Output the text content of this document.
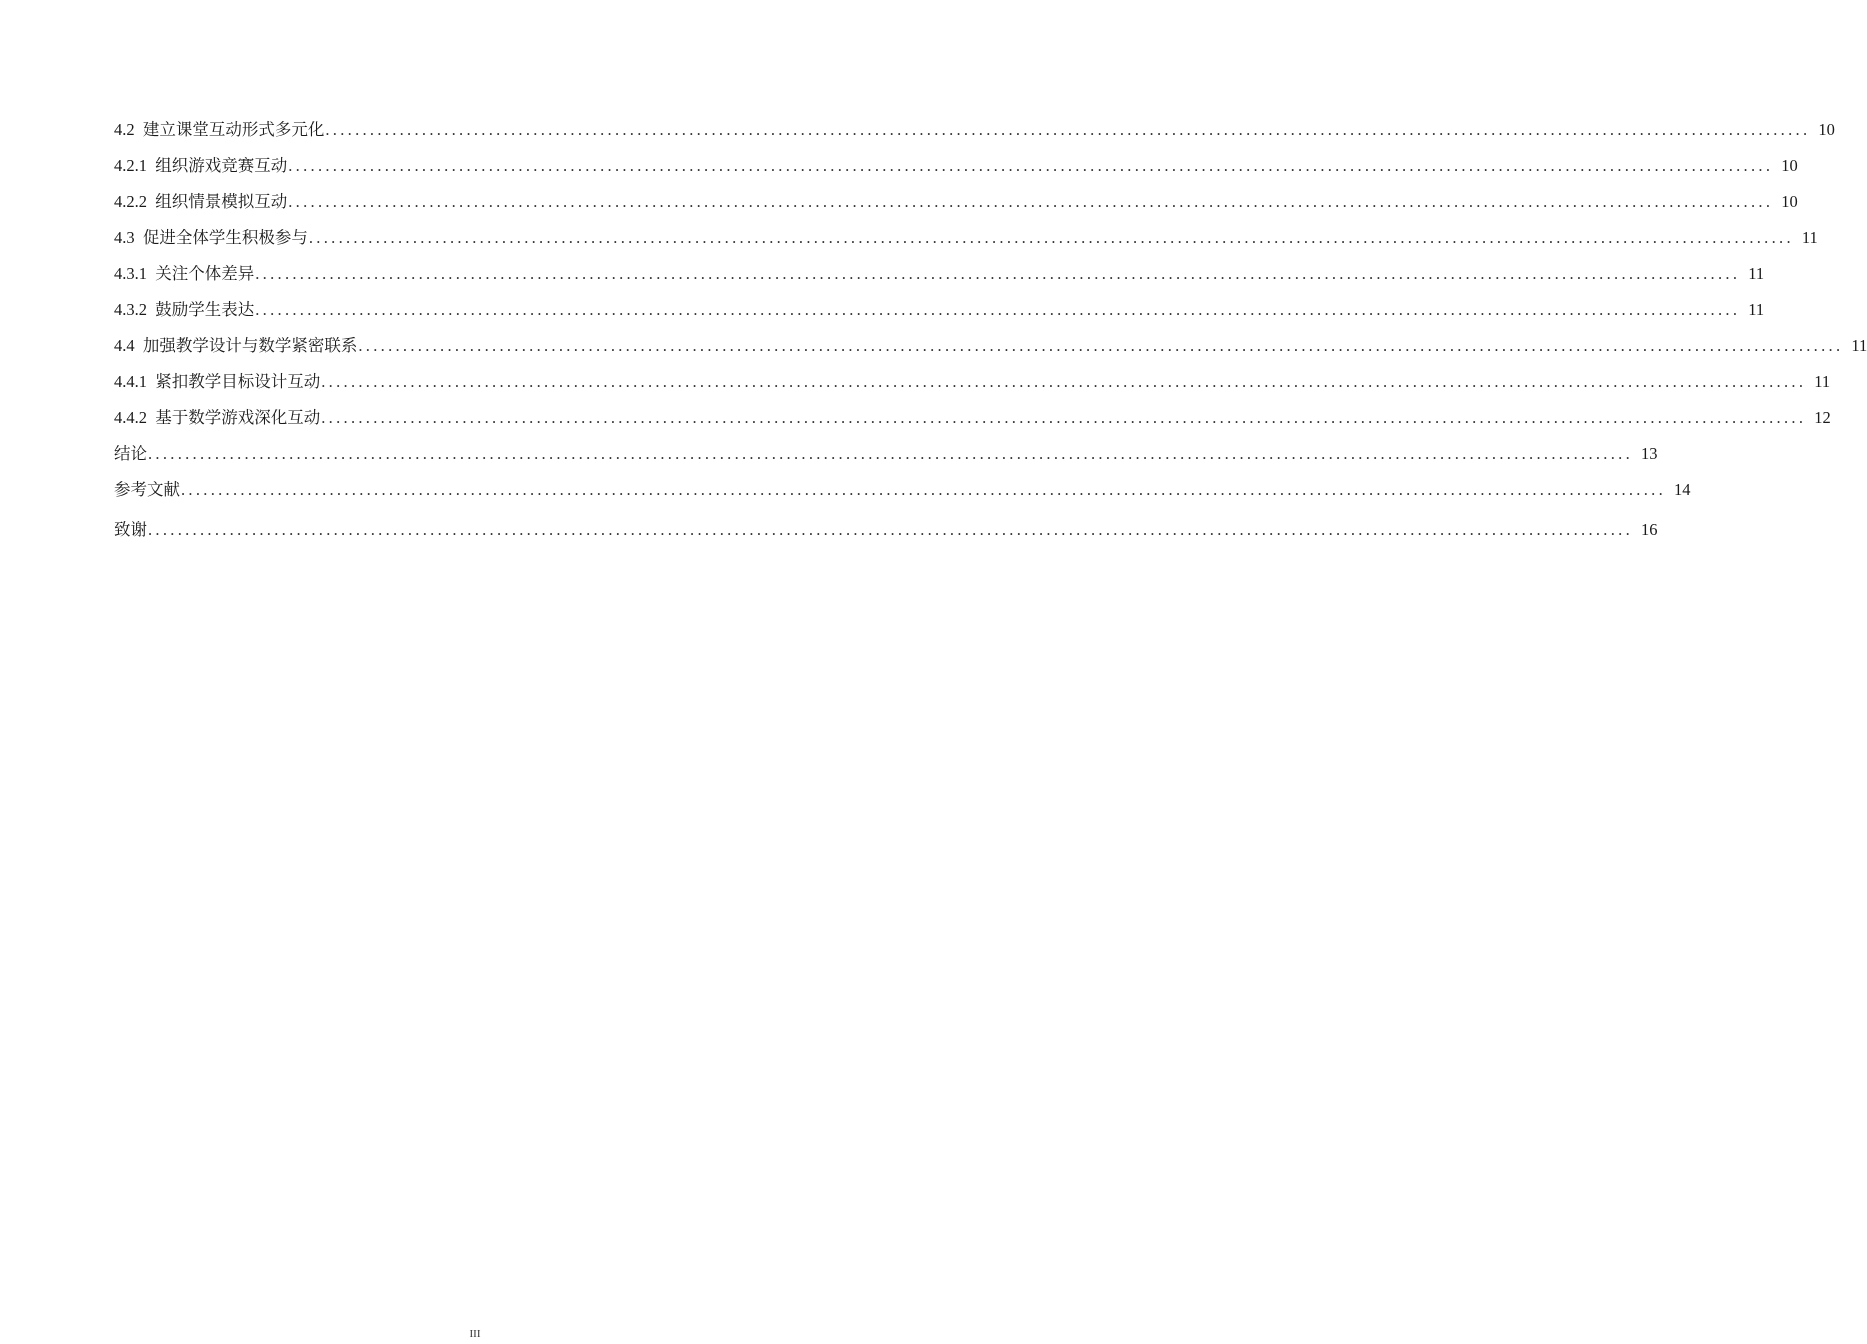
4.2
建立课堂互动形式多元化 ........................................................................................................................................................................................................ 10
4.2.1
组织游戏竞赛互动 ........................................................................................................................................................................................................ 10
4.2.2
组织情景模拟互动 ........................................................................................................................................................................................................ 10
4.3
促进全体学生积极参与 ........................................................................................................................................................................................................ 11
4.3.1
关注个体差异 ........................................................................................................................................................................................................ 11
4.3.2
鼓励学生表达 ........................................................................................................................................................................................................ 11
4.4
加强教学设计与数学紧密联系 ........................................................................................................................................................................................................ 11
4.4.1
紧扣教学目标设计互动 ........................................................................................................................................................................................................ 11
4.4.2
基于数学游戏深化互动 ........................................................................................................................................................................................................ 12
结论 ........................................................................................................................................................................................................ 13
参考文献 ........................................................................................................................................................................................................ 14
致谢 ........................................................................................................................................................................................................ 16
III
